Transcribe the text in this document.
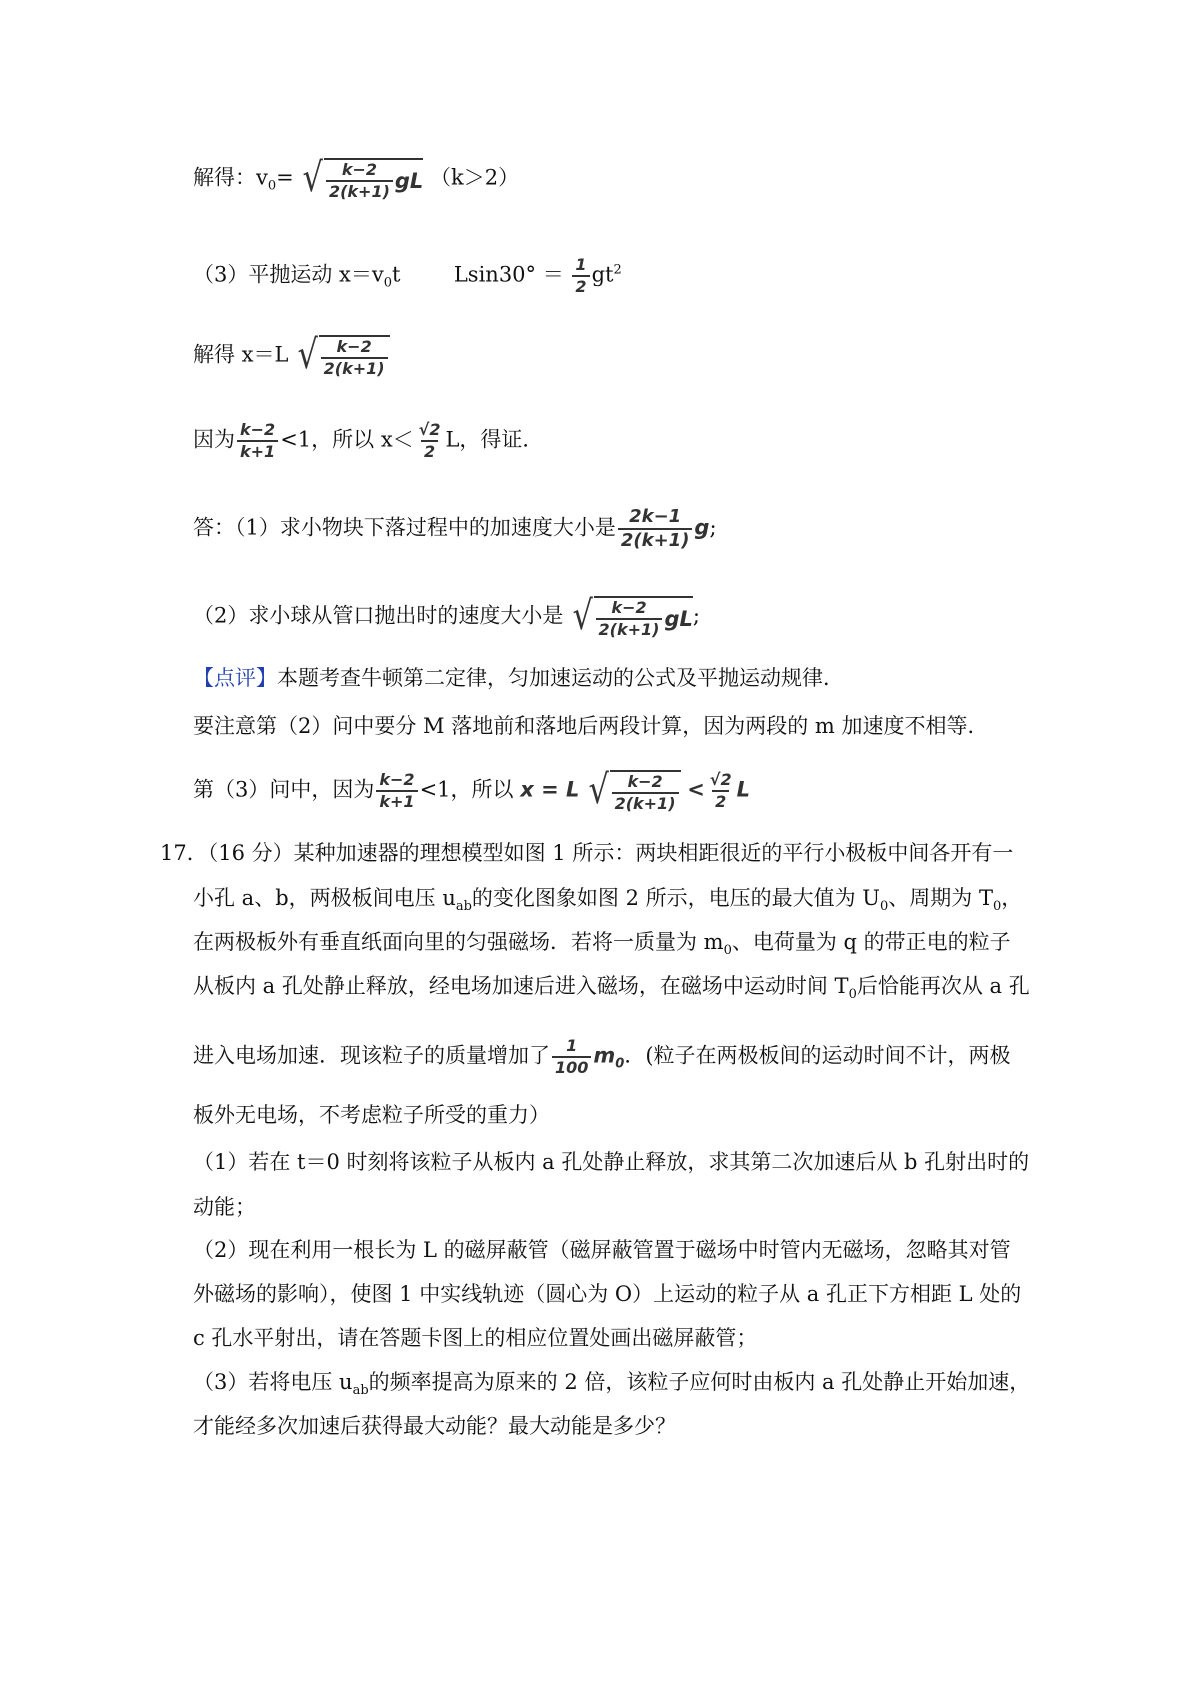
解得：$v_0=$ √ $\frac{k-2}{2(k+1)}$ gL （k＞2）
（3）平抛运动 $x=v_0t$	$Lsin30^\circ = \frac{1}{2} gt^2$
解得 x＝L √ $\frac{k-2}{2(k+1)}$
因为 $\frac{k-2}{k+1} <1$，所以 $x< \frac{√2}{2}$ L，得证．
答：（1）求小物块下落过程中的加速度大小是 $\frac{2k-1}{2(k+1)} g$;
（2）求小球从管口抛出时的速度大小是 √ $\frac{k-2}{2(k+1)}$ gL ;
【点评】本题考查牛顿第二定律，匀加速运动的公式及平抛运动规律．
要注意第（2）问中要分 M 落地前和落地后两段计算，因为两段的 m 加速度不相等．
第（3）问中，因为 $\frac{k-2}{k+1} <1$，所以 x = L √ $\frac{k-2}{2(k+1)} < \frac{√2}{2}$ L
17．（16 分）某种加速器的理想模型如图 1 所示：两块相距很近的平行小极板中间各开有一
小孔 a、b，两极板间电压 $u_{ab}$的变化图象如图 2 所示，电压的最大值为 $U_0$、周期为 $T_0$，
在两极板外有垂直纸面向里的匀强磁场．若将一质量为 $m_0$、电荷量为 q 的带正电的粒子
从板内 a 孔处静止释放，经电场加速后进入磁场，在磁场中运动时间 $T_0$后恰能再次从 a 孔
进入电场加速．现该粒子的质量增加了 $\frac{1}{100} m_0$．(粒子在两极板间的运动时间不计，两极
板外无电场，不考虑粒子所受的重力）
（1）若在 t＝0 时刻将该粒子从板内 a 孔处静止释放，求其第二次加速后从 b 孔射出时的
动能；
（2）现在利用一根长为 L 的磁屏蔽管（磁屏蔽管置于磁场中时管内无磁场，忽略其对管
外磁场的影响），使图 1 中实线轨迹（圆心为 O）上运动的粒子从 a 孔正下方相距 L 处的
c 孔水平射出，请在答题卡图上的相应位置处画出磁屏蔽管；
（3）若将电压 $u_{ab}$的频率提高为原来的 2 倍，该粒子应何时由板内 a 孔处静止开始加速，
才能经多次加速后获得最大动能？最大动能是多少？
